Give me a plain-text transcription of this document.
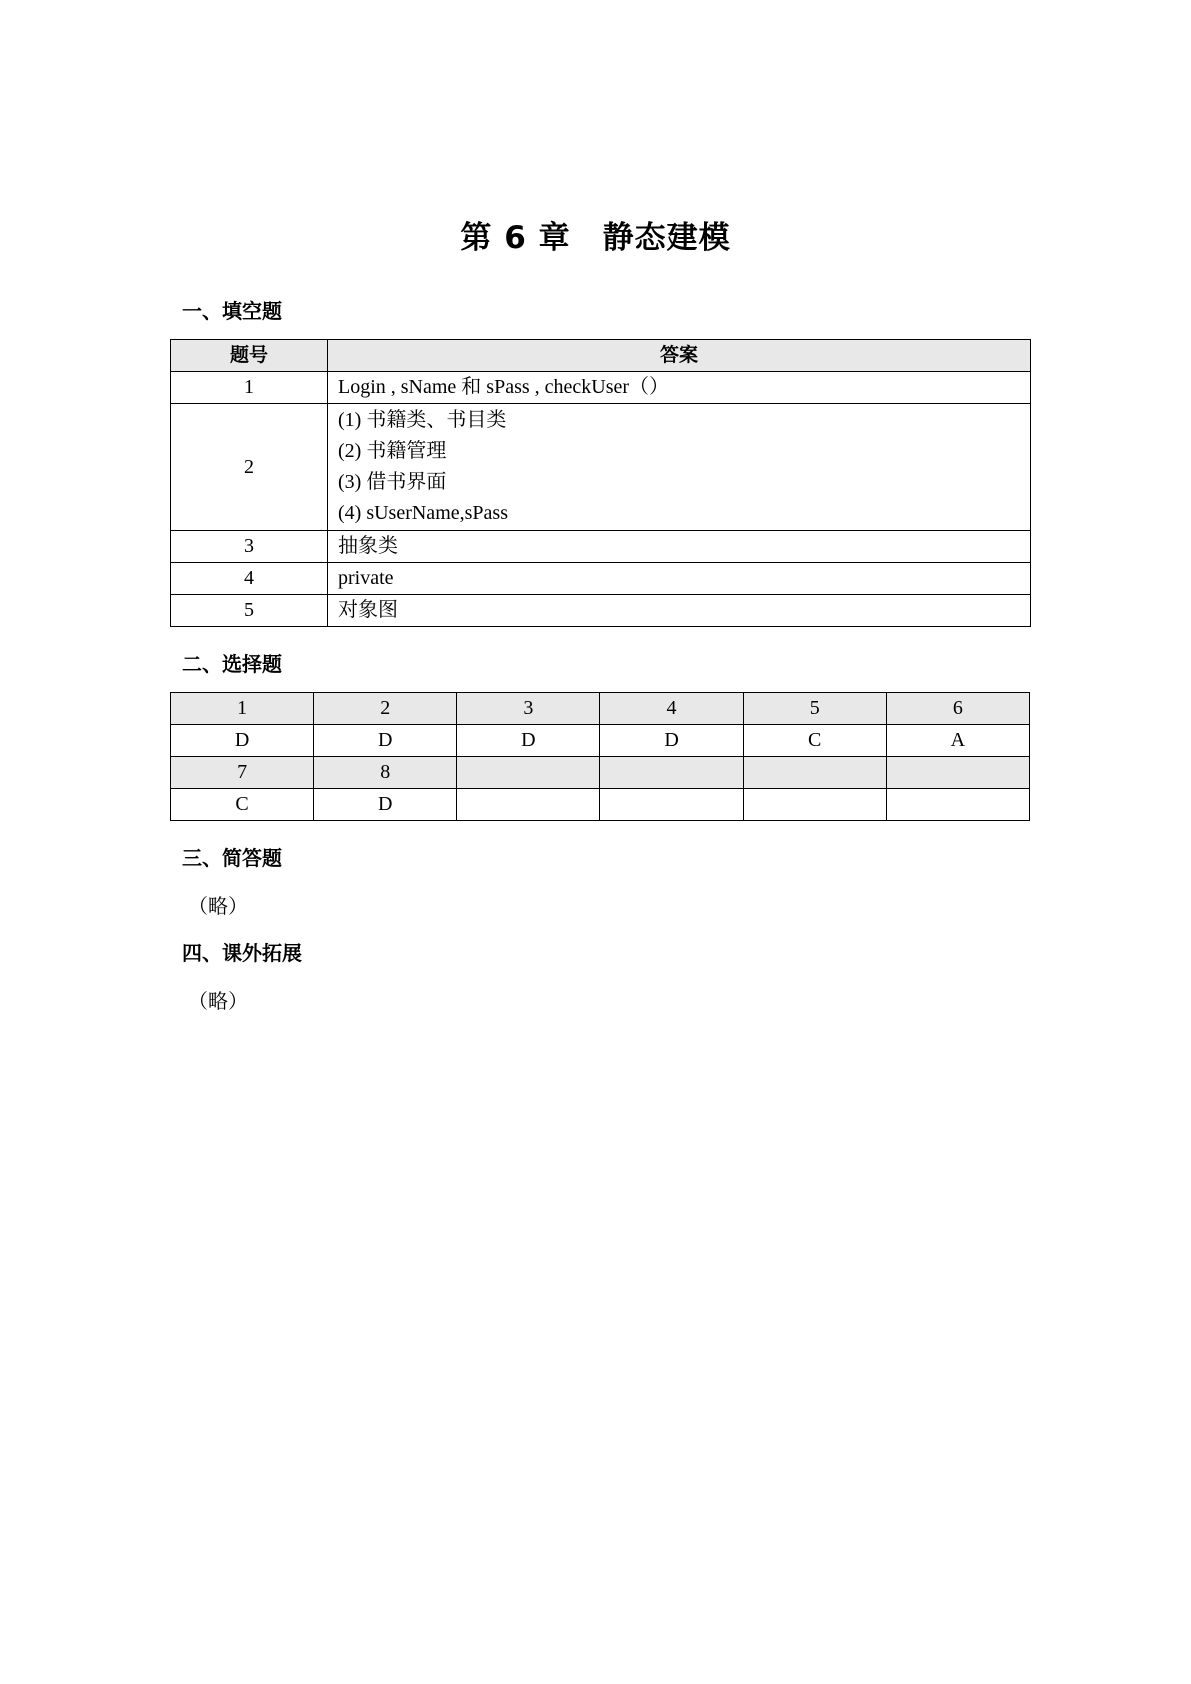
第 6 章　静态建模
一、填空题
题号	答案
1	Login , sName 和 sPass , checkUser（）
2	(1) 书籍类、书目类
(2) 书籍管理
(3) 借书界面
(4) sUserName,sPass

3	抽象类
4	private
5	对象图
二、选择题
1	2	3	4	5	6
D	D	D	D	C	A
7	8				
C	D				
三、简答题
（略）
四、课外拓展
（略）
